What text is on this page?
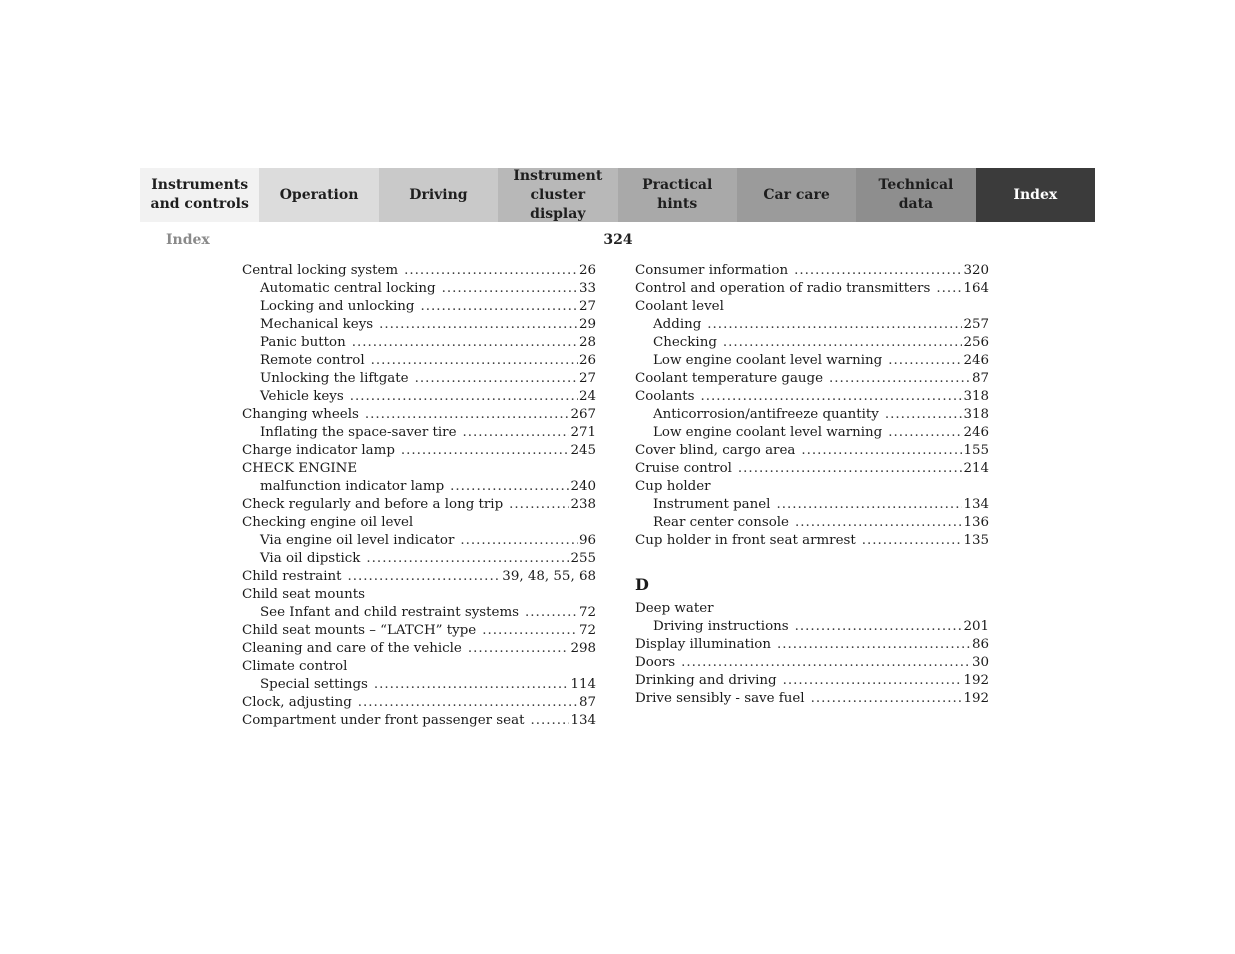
Instruments
and controls
Operation	Driving
Instrument
cluster display
Practical hints
Car care
Technical
data
Index
Index	324
Central locking system .....	26
Automatic central locking .....	33
Locking and unlocking .....	27
Mechanical keys .....	29
Panic button .....	28
Remote control .....	26
Unlocking the liftgate .....	27
Vehicle keys .....	24
Changing wheels .....	267
Inflating the space-saver tire .....	271
Charge indicator lamp .....	245
CHECK ENGINE
malfunction indicator lamp .....	240
Check regularly and before a long trip .....	238
Checking engine oil level
Via engine oil level indicator .....	96
Via oil dipstick .....	255
Child restraint .....	39, 48, 55, 68
Child seat mounts
See Infant and child restraint systems .....	72
Child seat mounts – “LATCH” type .....	72
Cleaning and care of the vehicle .....	298
Climate control
Special settings .....	114
Clock, adjusting .....	87
Compartment under front passenger seat .....	134
Consumer information .....	320
Control and operation of radio transmitters ..... 164
Coolant level
Adding .....	257
Checking .....	256
Low engine coolant level warning .....	246
Coolant temperature gauge .....	87
Coolants .....	318
Anticorrosion/antifreeze quantity .....	318
Low engine coolant level warning .....	246
Cover blind, cargo area .....	155
Cruise control .....	214
Cup holder
Instrument panel .....	134
Rear center console .....	136
Cup holder in front seat armrest .....	135
D
Deep water
Driving instructions .....	201
Display illumination .....	86
Doors .....	30
Drinking and driving .....	192
Drive sensibly - save fuel .....	192
